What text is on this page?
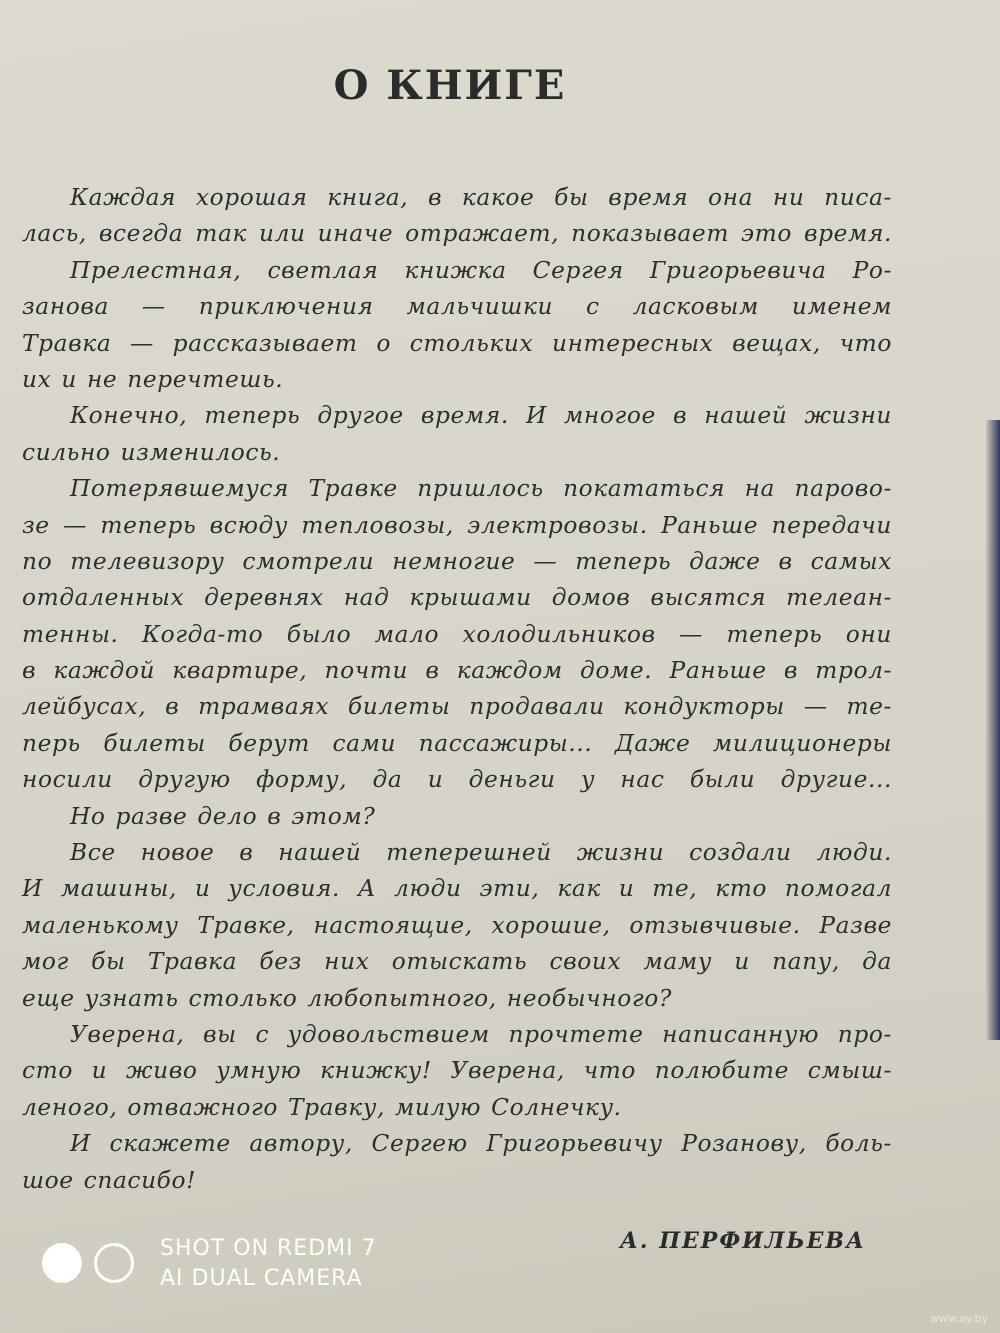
О КНИГЕ
Каждая хорошая книга, в какое бы время она ни писа-
лась, всегда так или иначе отражает, показывает это время.
Прелестная, светлая книжка Сергея Григорьевича Ро-
занова — приключения мальчишки с ласковым именем
Травка — рассказывает о стольких интересных вещах, что
их и не перечтешь.
Конечно, теперь другое время. И многое в нашей жизни
сильно изменилось.
Потерявшемуся Травке пришлось покататься на парово-
зе — теперь всюду тепловозы, электровозы. Раньше передачи
по телевизору смотрели немногие — теперь даже в самых
отдаленных деревнях над крышами домов высятся телеан-
тенны. Когда-то было мало холодильников — теперь они
в каждой квартире, почти в каждом доме. Раньше в трол-
лейбусах, в трамваях билеты продавали кондукторы — те-
перь билеты берут сами пассажиры... Даже милиционеры
носили другую форму, да и деньги у нас были другие...
Но разве дело в этом?
Все новое в нашей теперешней жизни создали люди.
И машины, и условия. А люди эти, как и те, кто помогал
маленькому Травке, настоящие, хорошие, отзывчивые. Разве
мог бы Травка без них отыскать своих маму и папу, да
еще узнать столько любопытного, необычного?
Уверена, вы с удовольствием прочтете написанную про-
сто и живо умную книжку! Уверена, что полюбите смыш-
леного, отважного Травку, милую Солнечку.
И скажете автору, Сергею Григорьевичу Розанову, боль-
шое спасибо!
А. ПЕРФИЛЬЕВА
SHOT ON REDMI 7
AI DUAL CAMERA
www.ay.by
